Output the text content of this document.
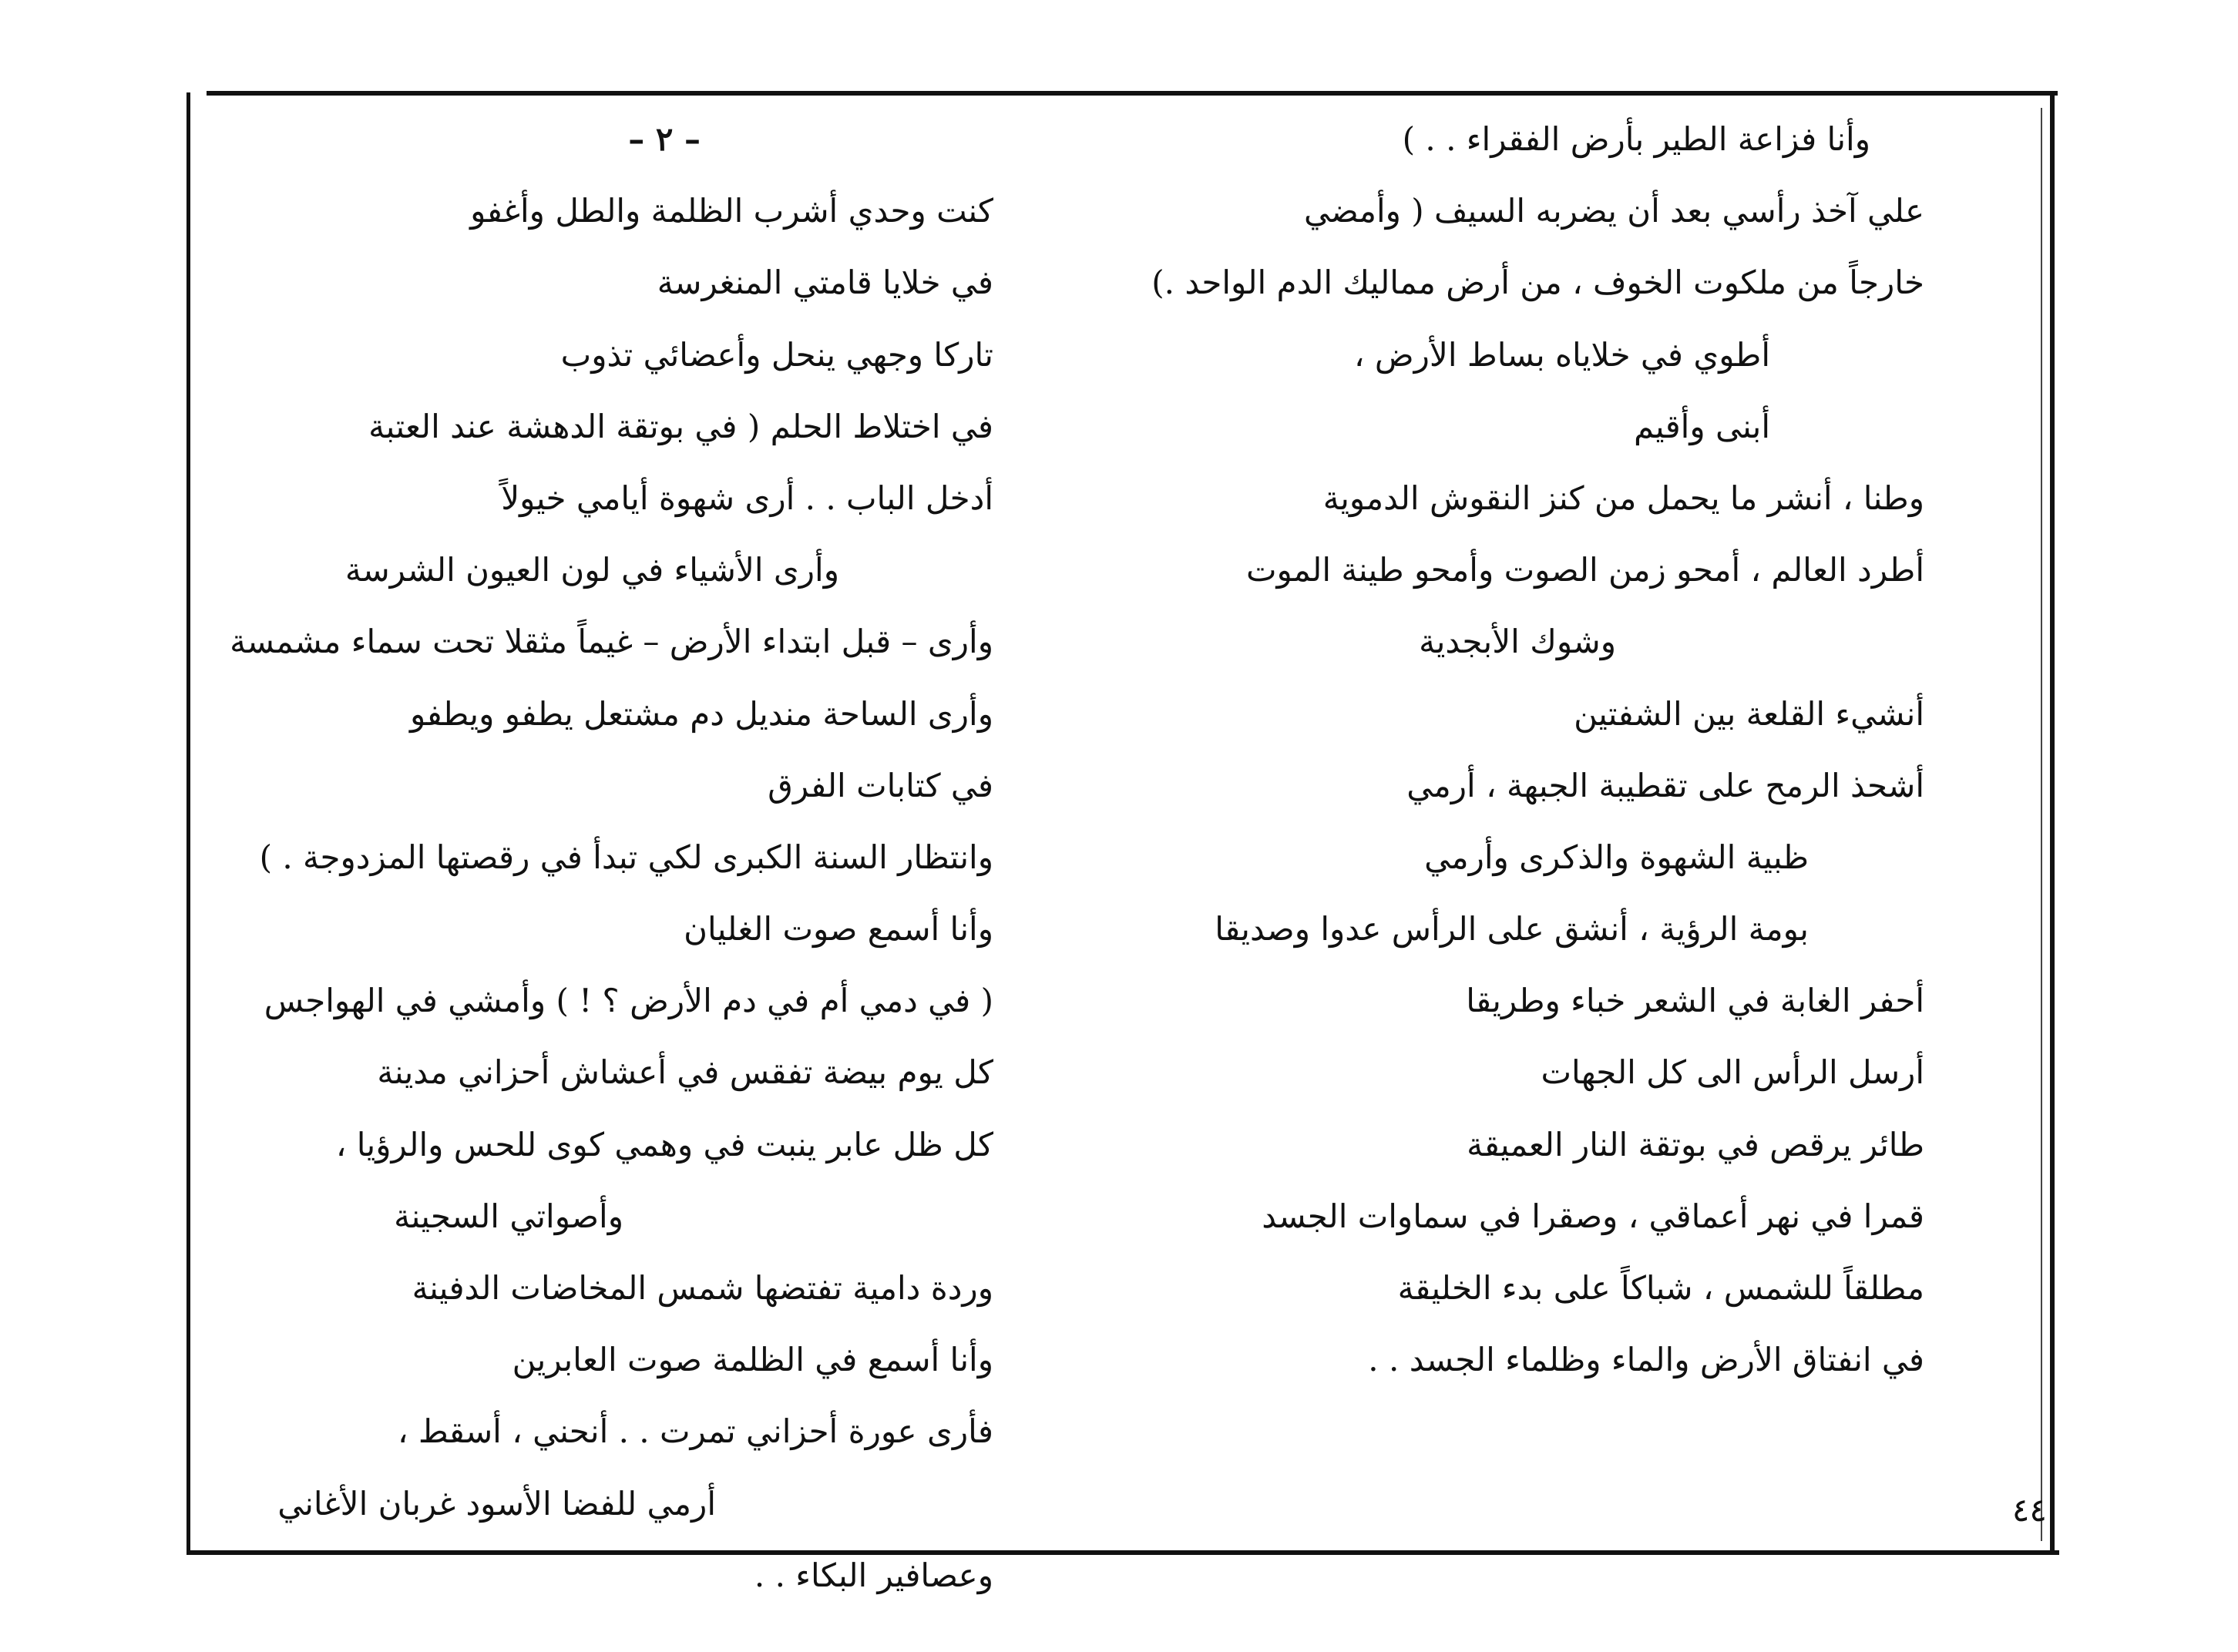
وأنا فزاعة الطير بأرض الفقراء . . )
علي آخذ رأسي بعد أن يضربه السيف ( وأمضي
خارجاً من ملكوت الخوف ، من أرض مماليك الدم الواحد .)
أطوي في خلاياه بساط الأرض ،
أبنى وأقيم
وطنا ، أنشر ما يحمل من كنز النقوش الدموية
أطرد العالم ، أمحو زمن الصوت وأمحو طينة الموت
وشوك الأبجدية
أنشيء القلعة بين الشفتين
أشحذ الرمح على تقطيبة الجبهة ، أرمي
ظبية الشهوة والذكرى وأرمي
بومة الرؤية ، أنشق على الرأس عدوا وصديقا
أحفر الغابة في الشعر خباء وطريقا
أرسل الرأس الى كل الجهات
طائر يرقص في بوتقة النار العميقة
قمرا في نهر أعماقي ، وصقرا في سماوات الجسد
مطلقاً للشمس ، شباكاً على بدء الخليقة
في انفتاق الأرض والماء وظلماء الجسد . .
– ٢ –
كنت وحدي أشرب الظلمة والطل وأغفو
في خلايا قامتي المنغرسة
تاركا وجهي ينحل وأعضائي تذوب
في اختلاط الحلم ( في بوتقة الدهشة عند العتبة
أدخل الباب . . أرى شهوة أيامي خيولاً
وأرى الأشياء في لون العيون الشرسة
وأرى – قبل ابتداء الأرض – غيماً مثقلا تحت سماء مشمسة
وأرى الساحة منديل دم مشتعل يطفو ويطفو
في كتابات الفرق
وانتظار السنة الكبرى لكي تبدأ في رقصتها المزدوجة . )
وأنا أسمع صوت الغليان
( في دمي أم في دم الأرض ؟ ! ) وأمشي في الهواجس
كل يوم بيضة تفقس في أعشاش أحزاني مدينة
كل ظل عابر ينبت في وهمي كوى للحس والرؤيا ،
وأصواتي السجينة
وردة دامية تفتضها شمس المخاضات الدفينة
وأنا أسمع في الظلمة صوت العابرين
فأرى عورة أحزاني تمرت . . أنحني ، أسقط ،
أرمي للفضا الأسود غربان الأغاني
وعصافير البكاء . .
٤٤
